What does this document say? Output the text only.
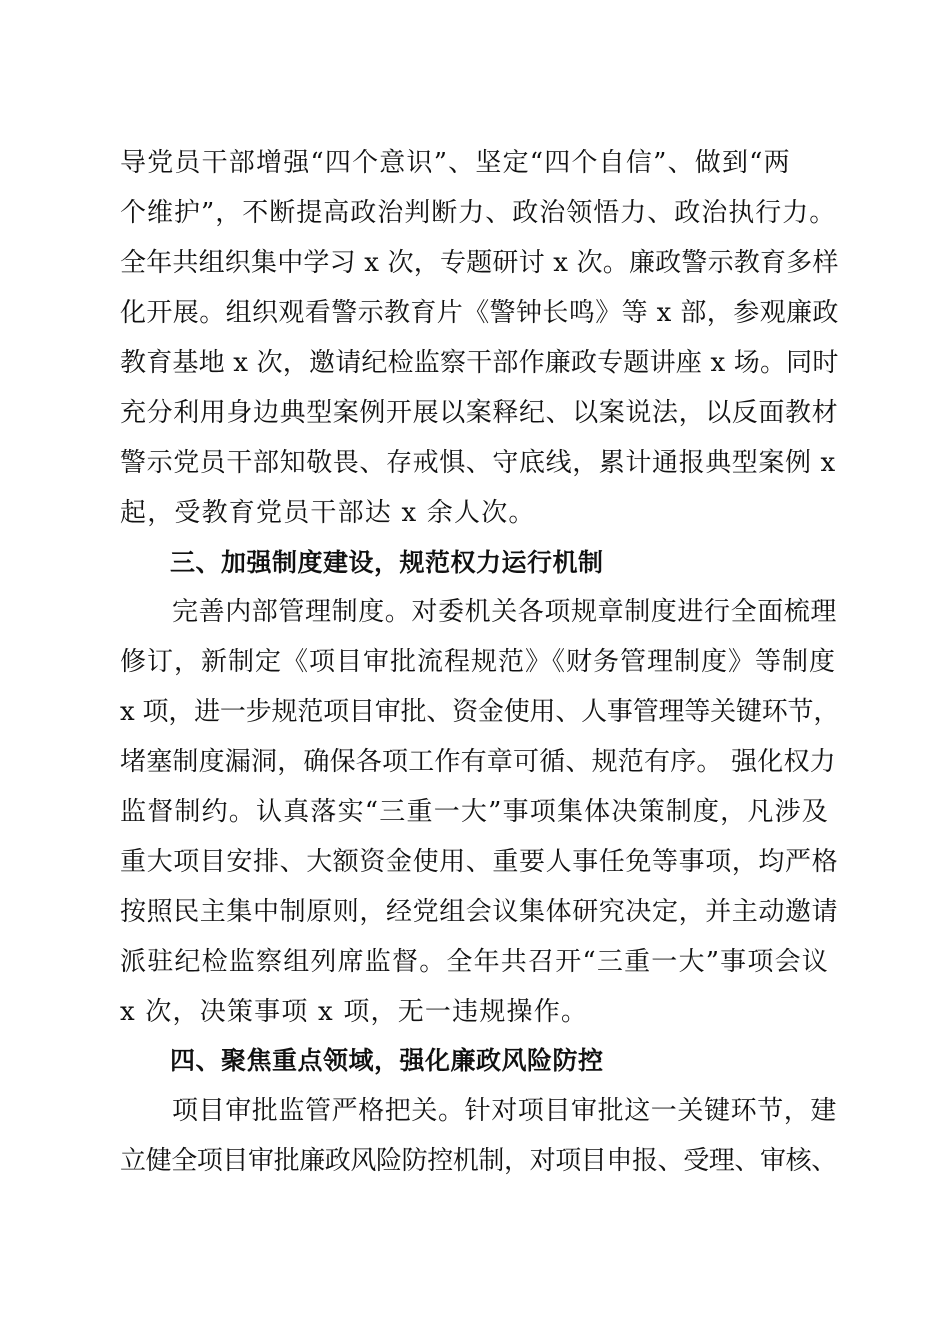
导党员干部增强“四个意识”、坚定“四个自信”、做到“两
个维护”，不断提高政治判断力、政治领悟力、政治执行力。
全年共组织集中学习 x 次，专题研讨 x 次。廉政警示教育多样
化开展。组织观看警示教育片《警钟长鸣》等 x 部，参观廉政
教育基地 x 次，邀请纪检监察干部作廉政专题讲座 x 场。同时
充分利用身边典型案例开展以案释纪、以案说法，以反面教材
警示党员干部知敬畏、存戒惧、守底线，累计通报典型案例 x
起，受教育党员干部达 x 余人次。
三、加强制度建设，规范权力运行机制
完善内部管理制度。对委机关各项规章制度进行全面梳理
修订，新制定《项目审批流程规范》《财务管理制度》等制度
x 项，进一步规范项目审批、资金使用、人事管理等关键环节，
堵塞制度漏洞，确保各项工作有章可循、规范有序。 强化权力
监督制约。认真落实“三重一大”事项集体决策制度，凡涉及
重大项目安排、大额资金使用、重要人事任免等事项，均严格
按照民主集中制原则，经党组会议集体研究决定，并主动邀请
派驻纪检监察组列席监督。全年共召开“三重一大”事项会议
x 次，决策事项 x 项，无一违规操作。
四、聚焦重点领域，强化廉政风险防控
项目审批监管严格把关。针对项目审批这一关键环节，建
立健全项目审批廉政风险防控机制，对项目申报、受理、审核、
